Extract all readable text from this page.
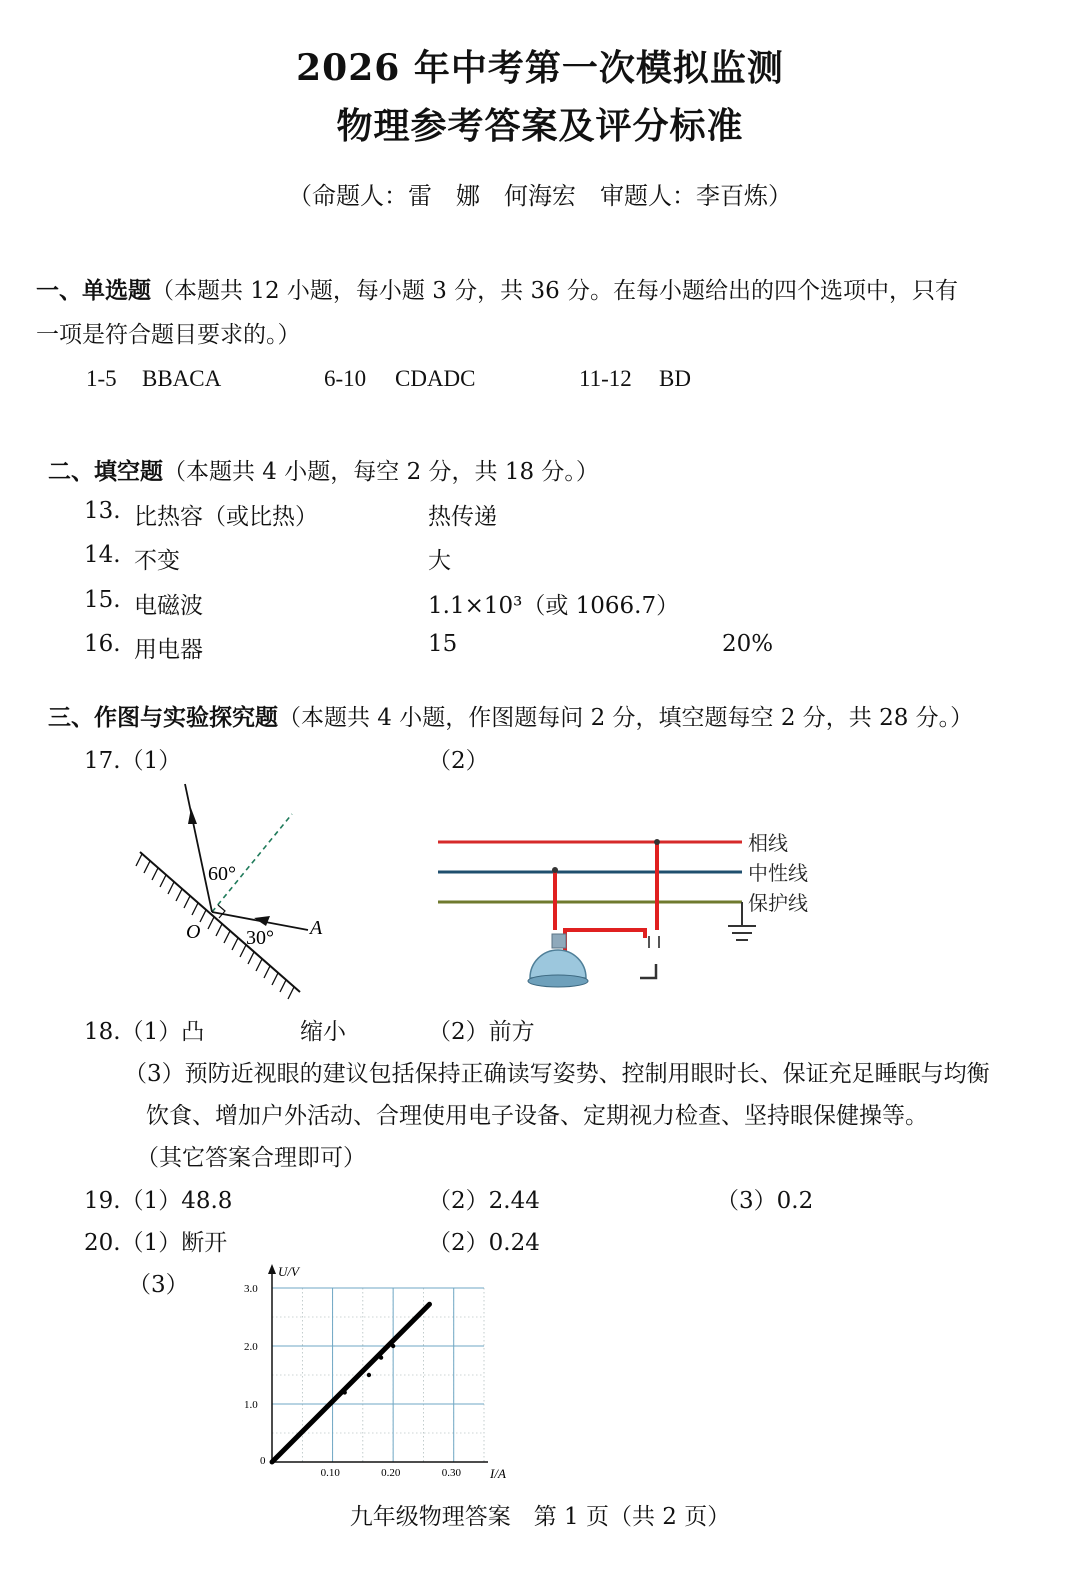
2026 年中考第一次模拟监测
物理参考答案及评分标准
（命题人：雷　娜　何海宏　审题人：李百炼）
一、单选题（本题共 12 小题，每小题 3 分，共 36 分。在每小题给出的四个选项中，只有
一项是符合题目要求的。）
1-5 BBACA	6-10 CDADC	11-12 BD
二、填空题（本题共 4 小题，每空 2 分，共 18 分。）
13. 比热容（或比热）	热传递
14. 不变	大
15. 电磁波	1.1×10³（或 1066.7）
16. 用电器	15	20%
三、作图与实验探究题（本题共 4 小题，作图题每问 2 分，填空题每空 2 分，共 28 分。）
17.（1）	（2）
60°
30°
O	A
相线
中性线
保护线
18.（1）凸	缩小	（2）前方
（3）预防近视眼的建议包括保持正确读写姿势、控制用眼时长、保证充足睡眠与均衡
饮食、增加户外活动、合理使用电子设备、定期视力检查、坚持眼保健操等。
（其它答案合理即可）
19.（1）48.8	（2）2.44	（3）0.2
20.（1）断开	（2）0.24
（3）
0.10	0.20	0.30
1.0
2.0
3.0
U/V
I/A
0
九年级物理答案　第 1 页（共 2 页）
